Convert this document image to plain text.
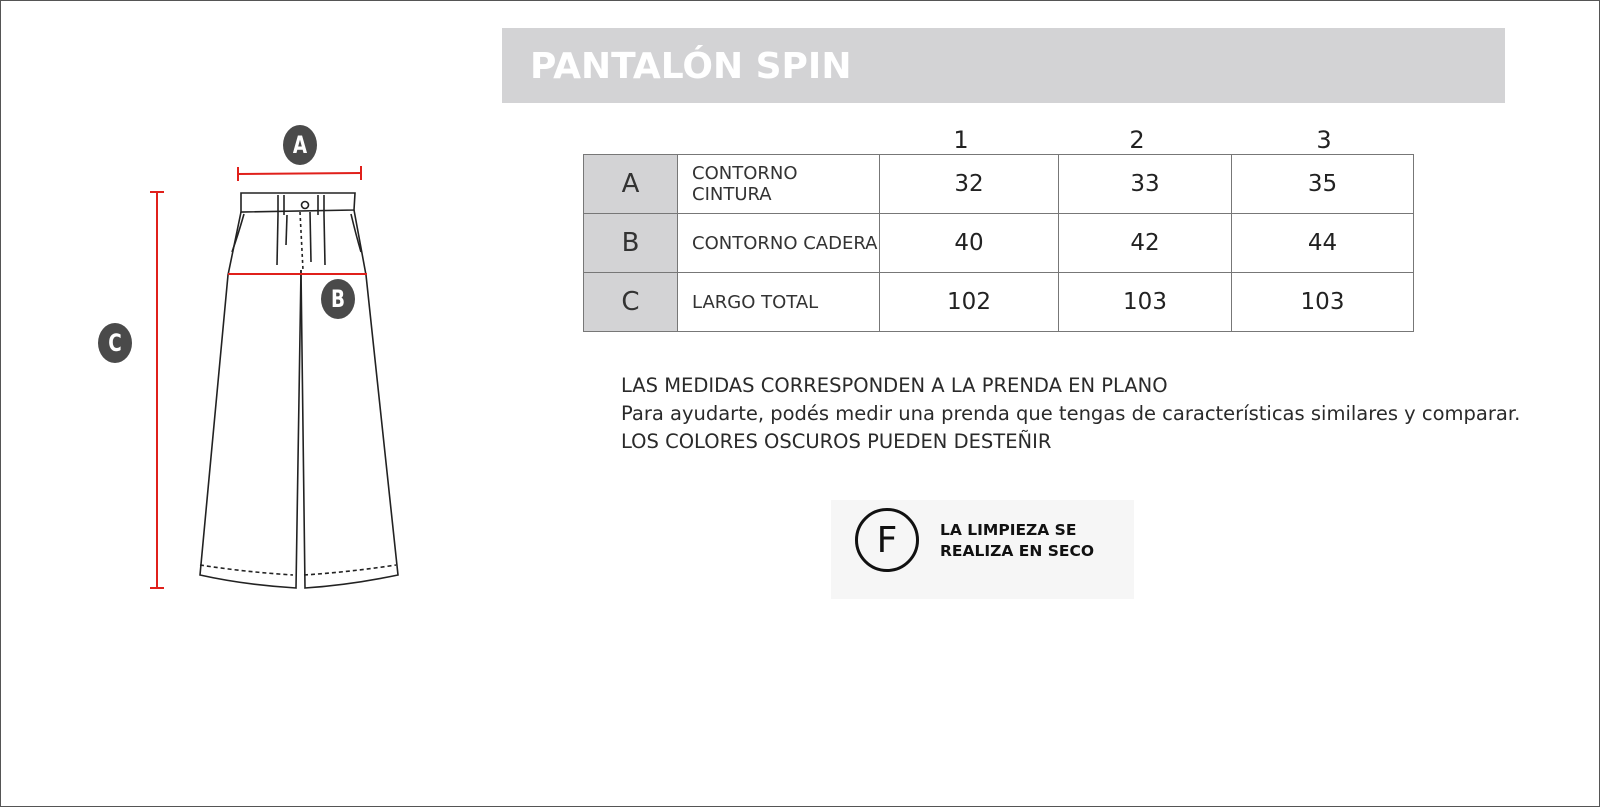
A
B
C
PANTALÓN SPIN
1	2	3
A	CONTORNO CINTURA	32	33	35
B	CONTORNO CADERA	40	42	44
C	LARGO TOTAL	102	103	103
LAS MEDIDAS CORRESPONDEN A LA PRENDA EN PLANO
Para ayudarte, podés medir una prenda que tengas de características similares y comparar.
LOS COLORES OSCUROS PUEDEN DESTEÑIR
F	LA LIMPIEZA SE
REALIZA EN SECO
